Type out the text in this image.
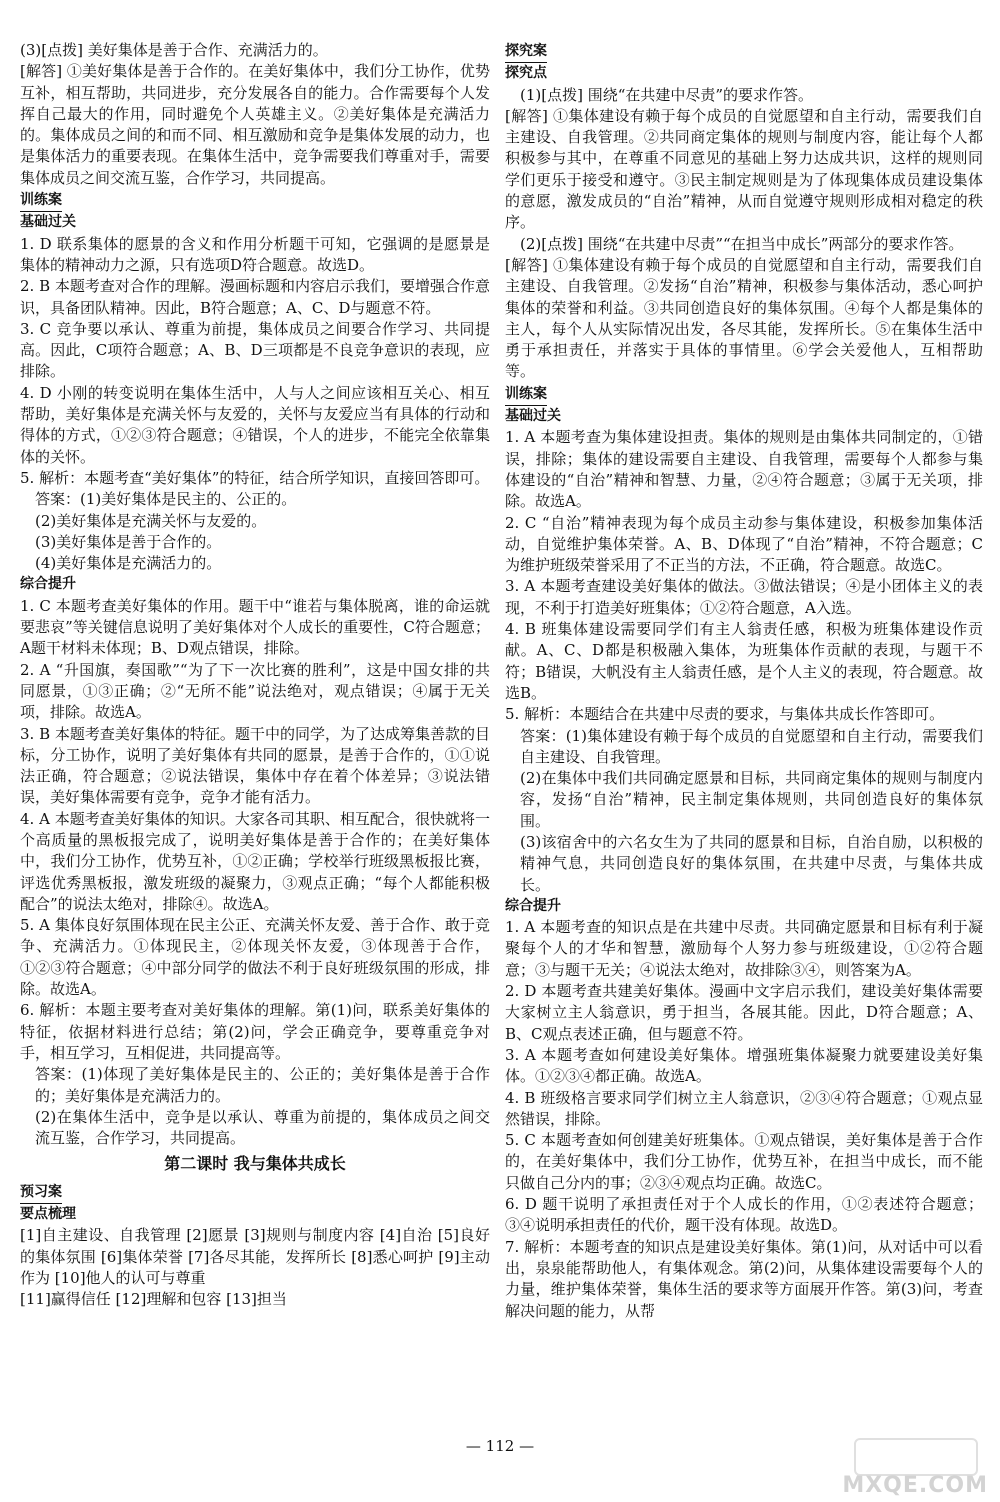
(3)[点拨] 美好集体是善于合作、充满活力的。

[解答] ①美好集体是善于合作的。在美好集体中，我们分工协作，优势互补，相互帮助，共同进步，充分发展各自的能力。合作需要每个人发挥自己最大的作用，同时避免个人英雄主义。②美好集体是充满活力的。集体成员之间的和而不同、相互激励和竞争是集体发展的动力，也是集体活力的重要表现。在集体生活中，竞争需要我们尊重对手，需要集体成员之间交流互鉴，合作学习，共同提高。

训练案

基础过关

1. D 联系集体的愿景的含义和作用分析题干可知，它强调的是愿景是集体的精神动力之源，只有选项D符合题意。故选D。

2. B 本题考查对合作的理解。漫画标题和内容启示我们，要增强合作意识，具备团队精神。因此，B符合题意；A、C、D与题意不符。

3. C 竞争要以承认、尊重为前提，集体成员之间要合作学习、共同提高。因此，C项符合题意；A、B、D三项都是不良竞争意识的表现，应排除。

4. D 小刚的转变说明在集体生活中，人与人之间应该相互关心、相互帮助，美好集体是充满关怀与友爱的，关怀与友爱应当有具体的行动和得体的方式，①②③符合题意；④错误，个人的进步，不能完全依靠集体的关怀。

5. 解析：本题考查“美好集体”的特征，结合所学知识，直接回答即可。

答案：(1)美好集体是民主的、公正的。

(2)美好集体是充满关怀与友爱的。

(3)美好集体是善于合作的。

(4)美好集体是充满活力的。

综合提升

1. C 本题考查美好集体的作用。题干中“谁若与集体脱离，谁的命运就要悲哀”等关键信息说明了美好集体对个人成长的重要性，C符合题意；A题干材料未体现；B、D观点错误，排除。

2. A “升国旗，奏国歌”“为了下一次比赛的胜利”，这是中国女排的共同愿景，①③正确；②“无所不能”说法绝对，观点错误；④属于无关项，排除。故选A。

3. B 本题考查美好集体的特征。题干中的同学，为了达成筹集善款的目标，分工协作，说明了美好集体有共同的愿景，是善于合作的，①①说法正确，符合题意；②说法错误，集体中存在着个体差异；③说法错误，美好集体需要有竞争，竞争才能有活力。

4. A 本题考查美好集体的知识。大家各司其职、相互配合，很快就将一个高质量的黑板报完成了，说明美好集体是善于合作的；在美好集体中，我们分工协作，优势互补，①②正确；学校举行班级黑板报比赛，评选优秀黑板报，激发班级的凝聚力，③观点正确；“每个人都能积极配合”的说法太绝对，排除④。故选A。

5. A 集体良好氛围体现在民主公正、充满关怀友爱、善于合作、敢于竞争、充满活力。①体现民主，②体现关怀友爱，③体现善于合作，①②③符合题意；④中部分同学的做法不利于良好班级氛围的形成，排除。故选A。

6. 解析：本题主要考查对美好集体的理解。第(1)问，联系美好集体的特征，依据材料进行总结；第(2)问，学会正确竞争，要尊重竞争对手，相互学习，互相促进，共同提高等。

答案：(1)体现了美好集体是民主的、公正的；美好集体是善于合作的；美好集体是充满活力的。

(2)在集体生活中，竞争是以承认、尊重为前提的，集体成员之间交流互鉴，合作学习，共同提高。

第二课时 我与集体共成长

预习案

要点梳理

[1]自主建设、自我管理 [2]愿景 [3]规则与制度内容 [4]自治 [5]良好的集体氛围 [6]集体荣誉 [7]各尽其能，发挥所长 [8]悉心呵护 [9]主动作为 [10]他人的认可与尊重

[11]赢得信任 [12]理解和包容 [13]担当

探究案

探究点

(1)[点拨] 围绕“在共建中尽责”的要求作答。

[解答] ①集体建设有赖于每个成员的自觉愿望和自主行动，需要我们自主建设、自我管理。②共同商定集体的规则与制度内容，能让每个人都积极参与其中，在尊重不同意见的基础上努力达成共识，这样的规则同学们更乐于接受和遵守。③民主制定规则是为了体现集体成员建设集体的意愿，激发成员的“自治”精神，从而自觉遵守规则形成相对稳定的秩序。

(2)[点拨] 围绕“在共建中尽责”“在担当中成长”两部分的要求作答。

[解答] ①集体建设有赖于每个成员的自觉愿望和自主行动，需要我们自主建设、自我管理。②发扬“自治”精神，积极参与集体活动，悉心呵护集体的荣誉和利益。③共同创造良好的集体氛围。④每个人都是集体的主人，每个人从实际情况出发，各尽其能，发挥所长。⑤在集体生活中勇于承担责任，并落实于具体的事情里。⑥学会关爱他人，互相帮助等。

训练案

基础过关

1. A 本题考查为集体建设担责。集体的规则是由集体共同制定的，①错误，排除；集体的建设需要自主建设、自我管理，需要每个人都参与集体建设的“自治”精神和智慧、力量，②④符合题意；③属于无关项，排除。故选A。

2. C “自治”精神表现为每个成员主动参与集体建设，积极参加集体活动，自觉维护集体荣誉。A、B、D体现了“自治”精神，不符合题意；C为维护班级荣誉采用了不正当的方法，不正确，符合题意。故选C。

3. A 本题考查建设美好集体的做法。③做法错误；④是小团体主义的表现，不利于打造美好班集体；①②符合题意，A入选。

4. B 班集体建设需要同学们有主人翁责任感，积极为班集体建设作贡献。A、C、D都是积极融入集体，为班集体作贡献的表现，与题干不符；B错误，大帆没有主人翁责任感，是个人主义的表现，符合题意。故选B。

5. 解析：本题结合在共建中尽责的要求，与集体共成长作答即可。

答案：(1)集体建设有赖于每个成员的自觉愿望和自主行动，需要我们自主建设、自我管理。

(2)在集体中我们共同确定愿景和目标，共同商定集体的规则与制度内容，发扬“自治”精神，民主制定集体规则，共同创造良好的集体氛围。

(3)该宿舍中的六名女生为了共同的愿景和目标，自治自励，以积极的精神气息，共同创造良好的集体氛围，在共建中尽责，与集体共成长。

综合提升

1. A 本题考查的知识点是在共建中尽责。共同确定愿景和目标有利于凝聚每个人的才华和智慧，激励每个人努力参与班级建设，①②符合题意；③与题干无关；④说法太绝对，故排除③④，则答案为A。

2. D 本题考查共建美好集体。漫画中文字启示我们，建设美好集体需要大家树立主人翁意识，勇于担当，各展其能。因此，D符合题意；A、B、C观点表述正确，但与题意不符。

3. A 本题考查如何建设美好集体。增强班集体凝聚力就要建设美好集体。①②③④都正确。故选A。

4. B 班级格言要求同学们树立主人翁意识，②③④符合题意；①观点显然错误，排除。

5. C 本题考查如何创建美好班集体。①观点错误，美好集体是善于合作的，在美好集体中，我们分工协作，优势互补，在担当中成长，而不能只做自己分内的事；②③④观点均正确。故选C。

6. D 题干说明了承担责任对于个人成长的作用，①②表述符合题意；③④说明承担责任的代价，题干没有体现。故选D。

7. 解析：本题考查的知识点是建设美好集体。第(1)问，从对话中可以看出，泉泉能帮助他人，有集体观念。第(2)问，从集体建设需要每个人的力量，维护集体荣誉，集体生活的要求等方面展开作答。第(3)问，考查解决问题的能力，从帮

— 112 —
MXQE.COM
